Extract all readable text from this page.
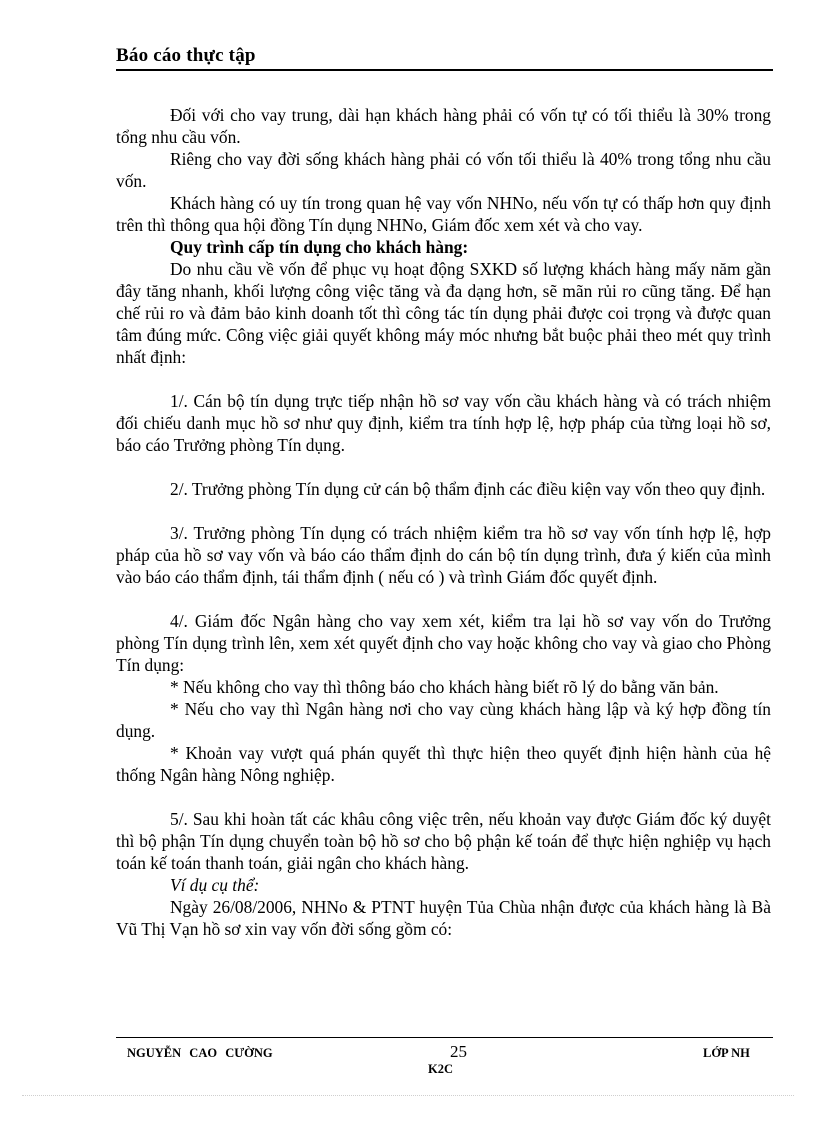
Báo cáo thực tập

Đối với cho vay trung, dài hạn khách hàng phải có vốn tự có tối thiểu là 30% trong tổng nhu cầu vốn.

Riêng cho vay đời sống khách hàng phải có vốn tối thiểu là 40% trong tổng nhu cầu vốn.

Khách hàng có uy tín trong quan hệ vay vốn NHNo, nếu vốn tự có thấp hơn quy định trên thì thông qua hội đồng Tín dụng NHNo, Giám đốc xem xét và cho vay.

Quy trình cấp tín dụng cho khách hàng:

Do nhu cầu về vốn để phục vụ hoạt động SXKD số lượng khách hàng mấy năm gần đây tăng nhanh, khối lượng công việc tăng và đa dạng hơn, sẽ mãn rủi ro cũng tăng. Để hạn chế rủi ro và đảm bảo kinh doanh tốt thì công tác tín dụng phải được coi trọng và được quan tâm đúng mức. Công việc giải quyết không máy móc nhưng bắt buộc phải theo mét quy trình nhất định:

1/. Cán bộ tín dụng trực tiếp nhận hồ sơ vay vốn cầu khách hàng và có trách nhiệm đối chiếu danh mục hồ sơ như quy định, kiểm tra tính hợp lệ, hợp pháp của từng loại hồ sơ, báo cáo Trưởng phòng Tín dụng.

2/. Trưởng phòng Tín dụng cử cán bộ thẩm định các điều kiện vay vốn theo quy định.

3/. Trưởng phòng Tín dụng có trách nhiệm kiểm tra hồ sơ vay vốn tính hợp lệ, hợp pháp của hồ sơ vay vốn và báo cáo thẩm định do cán bộ tín dụng trình, đưa ý kiến của mình vào báo cáo thẩm định, tái thẩm định ( nếu có ) và trình Giám đốc quyết định.

4/. Giám đốc Ngân hàng cho vay xem xét, kiểm tra lại hồ sơ vay vốn do Trưởng phòng Tín dụng trình lên, xem xét quyết định cho vay hoặc không cho vay và giao cho Phòng Tín dụng:

* Nếu không cho vay thì thông báo cho khách hàng biết rõ lý do bằng văn bản.

* Nếu cho vay thì Ngân hàng nơi cho vay cùng khách hàng lập và ký hợp đồng tín dụng.

* Khoản vay vượt quá phán quyết thì thực hiện theo quyết định hiện hành của hệ thống Ngân hàng Nông nghiệp.

5/. Sau khi hoàn tất các khâu công việc trên, nếu khoản vay được Giám đốc ký duyệt thì bộ phận Tín dụng chuyển toàn bộ hồ sơ cho bộ phận kế toán để thực hiện nghiệp vụ hạch toán kế toán thanh toán, giải ngân cho khách hàng.

Ví dụ cụ thể:

Ngày 26/08/2006, NHNo & PTNT huyện Tủa Chùa nhận được của khách hàng là Bà Vũ Thị Vạn hồ sơ xin vay vốn đời sống gồm có:

NGUYỄN CAO CƯỜNG	25	LỚP NH
K2C
